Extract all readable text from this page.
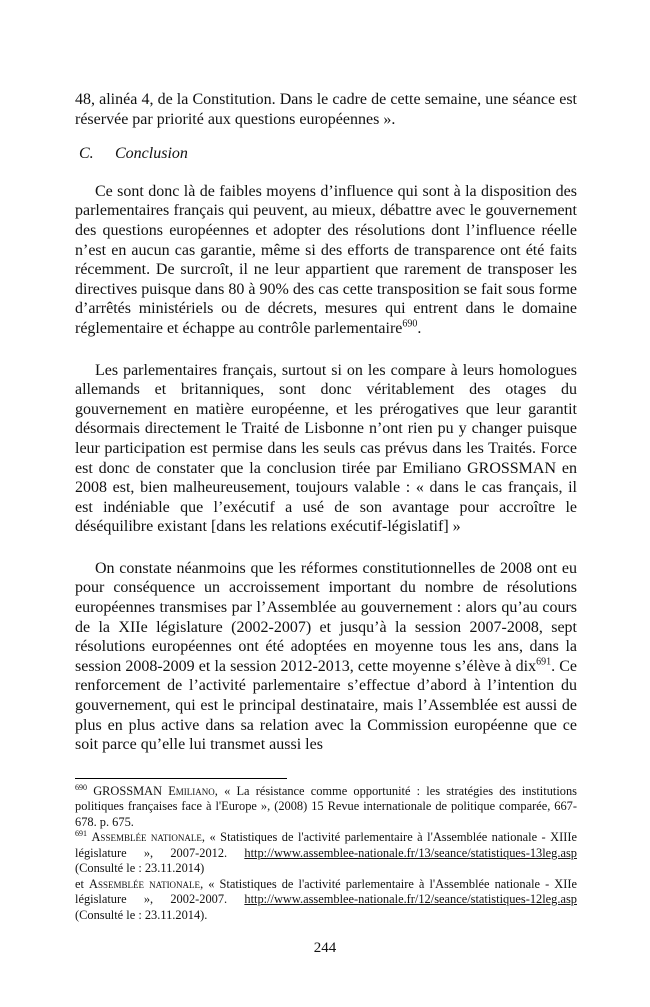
48, alinéa 4, de la Constitution. Dans le cadre de cette semaine, une séance est réservée par priorité aux questions européennes ».

C. Conclusion

Ce sont donc là de faibles moyens d’influence qui sont à la disposition des parlementaires français qui peuvent, au mieux, débattre avec le gouvernement des questions européennes et adopter des résolutions dont l’influence réelle n’est en aucun cas garantie, même si des efforts de transparence ont été faits récemment. De surcroît, il ne leur appartient que rarement de transposer les directives puisque dans 80 à 90% des cas cette transposition se fait sous forme d’arrêtés ministériels ou de décrets, mesures qui entrent dans le domaine réglementaire et échappe au contrôle parlementaire$^{690}$.

Les parlementaires français, surtout si on les compare à leurs homologues allemands et britanniques, sont donc véritablement des otages du gouvernement en matière européenne, et les prérogatives que leur garantit désormais directement le Traité de Lisbonne n’ont rien pu y changer puisque leur participation est permise dans les seuls cas prévus dans les Traités. Force est donc de constater que la conclusion tirée par Emiliano GROSSMAN en 2008 est, bien malheureusement, toujours valable : « dans le cas français, il est indéniable que l’exécutif a usé de son avantage pour accroître le déséquilibre existant [dans les relations exécutif-législatif] »

On constate néanmoins que les réformes constitutionnelles de 2008 ont eu pour conséquence un accroissement important du nombre de résolutions européennes transmises par l’Assemblée au gouvernement : alors qu’au cours de la XIIe législature (2002-2007) et jusqu’à la session 2007-2008, sept résolutions européennes ont été adoptées en moyenne tous les ans, dans la session 2008-2009 et la session 2012-2013, cette moyenne s’élève à dix$^{691}$. Ce renforcement de l’activité parlementaire s’effectue d’abord à l’intention du gouvernement, qui est le principal destinataire, mais l’Assemblée est aussi de plus en plus active dans sa relation avec la Commission européenne que ce soit parce qu’elle lui transmet aussi les

$^{690}$ GROSSMAN Emiliano, « La résistance comme opportunité : les stratégies des institutions politiques françaises face à l'Europe », (2008) 15 Revue internationale de politique comparée, 667-678. p. 675.

$^{691}$ Assemblée nationale, « Statistiques de l'activité parlementaire à l'Assemblée nationale - XIIIe législature », 2007-2012. http://www.assemblee-nationale.fr/13/seance/statistiques-13leg.asp (Consulté le : 23.11.2014)

et Assemblée nationale, « Statistiques de l'activité parlementaire à l'Assemblée nationale - XIIe législature », 2002-2007. http://www.assemblee-nationale.fr/12/seance/statistiques-12leg.asp (Consulté le : 23.11.2014).

244
